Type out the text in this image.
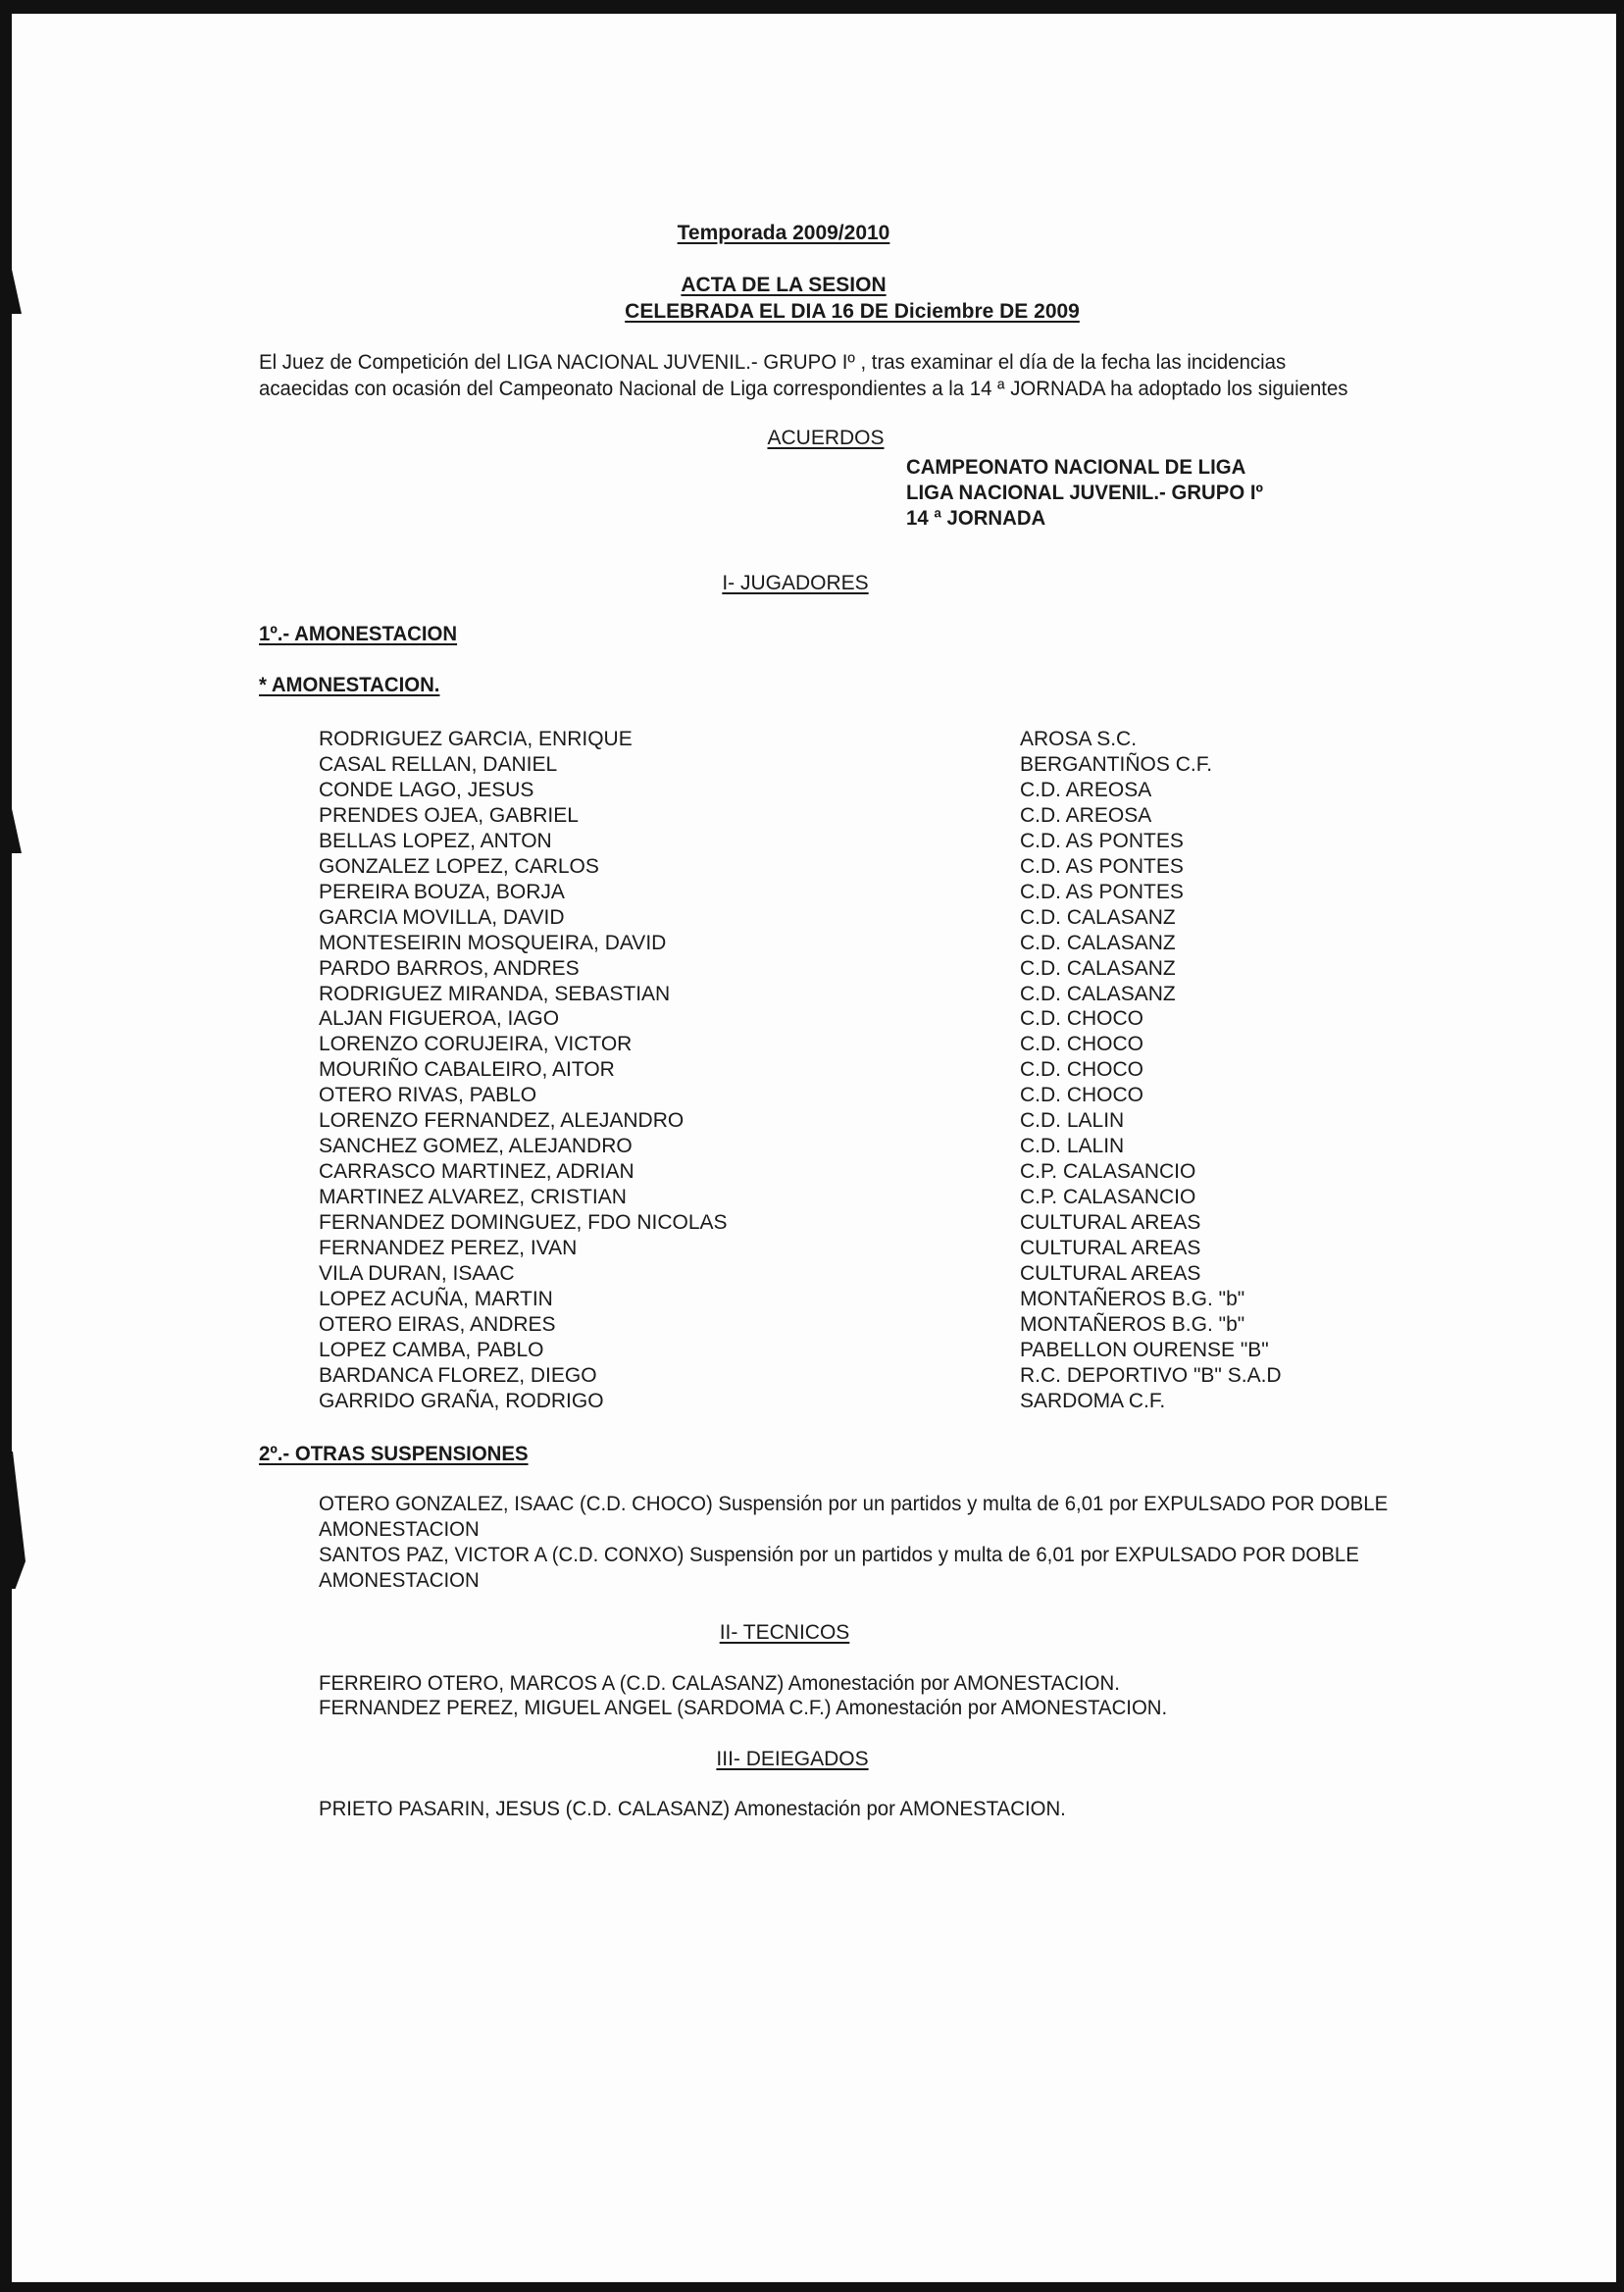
Temporada 2009/2010
ACTA DE LA SESION
CELEBRADA EL DIA 16 DE Diciembre DE 2009
El Juez de Competición del LIGA NACIONAL JUVENIL.- GRUPO Iº , tras examinar el día de la fecha las incidencias
acaecidas con ocasión del Campeonato Nacional de Liga correspondientes a la 14 ª JORNADA ha adoptado los siguientes
ACUERDOS
CAMPEONATO NACIONAL DE LIGA
LIGA NACIONAL JUVENIL.- GRUPO Iº
14 ª JORNADA
I- JUGADORES
1º.- AMONESTACION
* AMONESTACION.
RODRIGUEZ GARCIA, ENRIQUE	AROSA S.C.
CASAL RELLAN, DANIEL	BERGANTIÑOS C.F.
CONDE LAGO, JESUS	C.D. AREOSA
PRENDES OJEA, GABRIEL	C.D. AREOSA
BELLAS LOPEZ, ANTON	C.D. AS PONTES
GONZALEZ LOPEZ, CARLOS	C.D. AS PONTES
PEREIRA BOUZA, BORJA	C.D. AS PONTES
GARCIA MOVILLA, DAVID	C.D. CALASANZ
MONTESEIRIN MOSQUEIRA, DAVID	C.D. CALASANZ
PARDO BARROS, ANDRES	C.D. CALASANZ
RODRIGUEZ MIRANDA, SEBASTIAN	C.D. CALASANZ
ALJAN FIGUEROA, IAGO	C.D. CHOCO
LORENZO CORUJEIRA, VICTOR	C.D. CHOCO
MOURIÑO CABALEIRO, AITOR	C.D. CHOCO
OTERO RIVAS, PABLO	C.D. CHOCO
LORENZO FERNANDEZ, ALEJANDRO	C.D. LALIN
SANCHEZ GOMEZ, ALEJANDRO	C.D. LALIN
CARRASCO MARTINEZ, ADRIAN	C.P. CALASANCIO
MARTINEZ ALVAREZ, CRISTIAN	C.P. CALASANCIO
FERNANDEZ DOMINGUEZ, FDO NICOLAS	CULTURAL AREAS
FERNANDEZ PEREZ, IVAN	CULTURAL AREAS
VILA DURAN, ISAAC	CULTURAL AREAS
LOPEZ ACUÑA, MARTIN	MONTAÑEROS B.G. "b"
OTERO EIRAS, ANDRES	MONTAÑEROS B.G. "b"
LOPEZ CAMBA, PABLO	PABELLON OURENSE "B"
BARDANCA FLOREZ, DIEGO	R.C. DEPORTIVO "B" S.A.D
GARRIDO GRAÑA, RODRIGO	SARDOMA C.F.
2º.- OTRAS SUSPENSIONES
OTERO GONZALEZ, ISAAC (C.D. CHOCO) Suspensión por un partidos y multa de 6,01 por EXPULSADO POR DOBLE
AMONESTACION
SANTOS PAZ, VICTOR A (C.D. CONXO) Suspensión por un partidos y multa de 6,01 por EXPULSADO POR DOBLE
AMONESTACION
II- TECNICOS
FERREIRO OTERO, MARCOS A (C.D. CALASANZ) Amonestación por AMONESTACION.
FERNANDEZ PEREZ, MIGUEL ANGEL (SARDOMA C.F.) Amonestación por AMONESTACION.
III- DEIEGADOS
PRIETO PASARIN, JESUS (C.D. CALASANZ) Amonestación por AMONESTACION.
